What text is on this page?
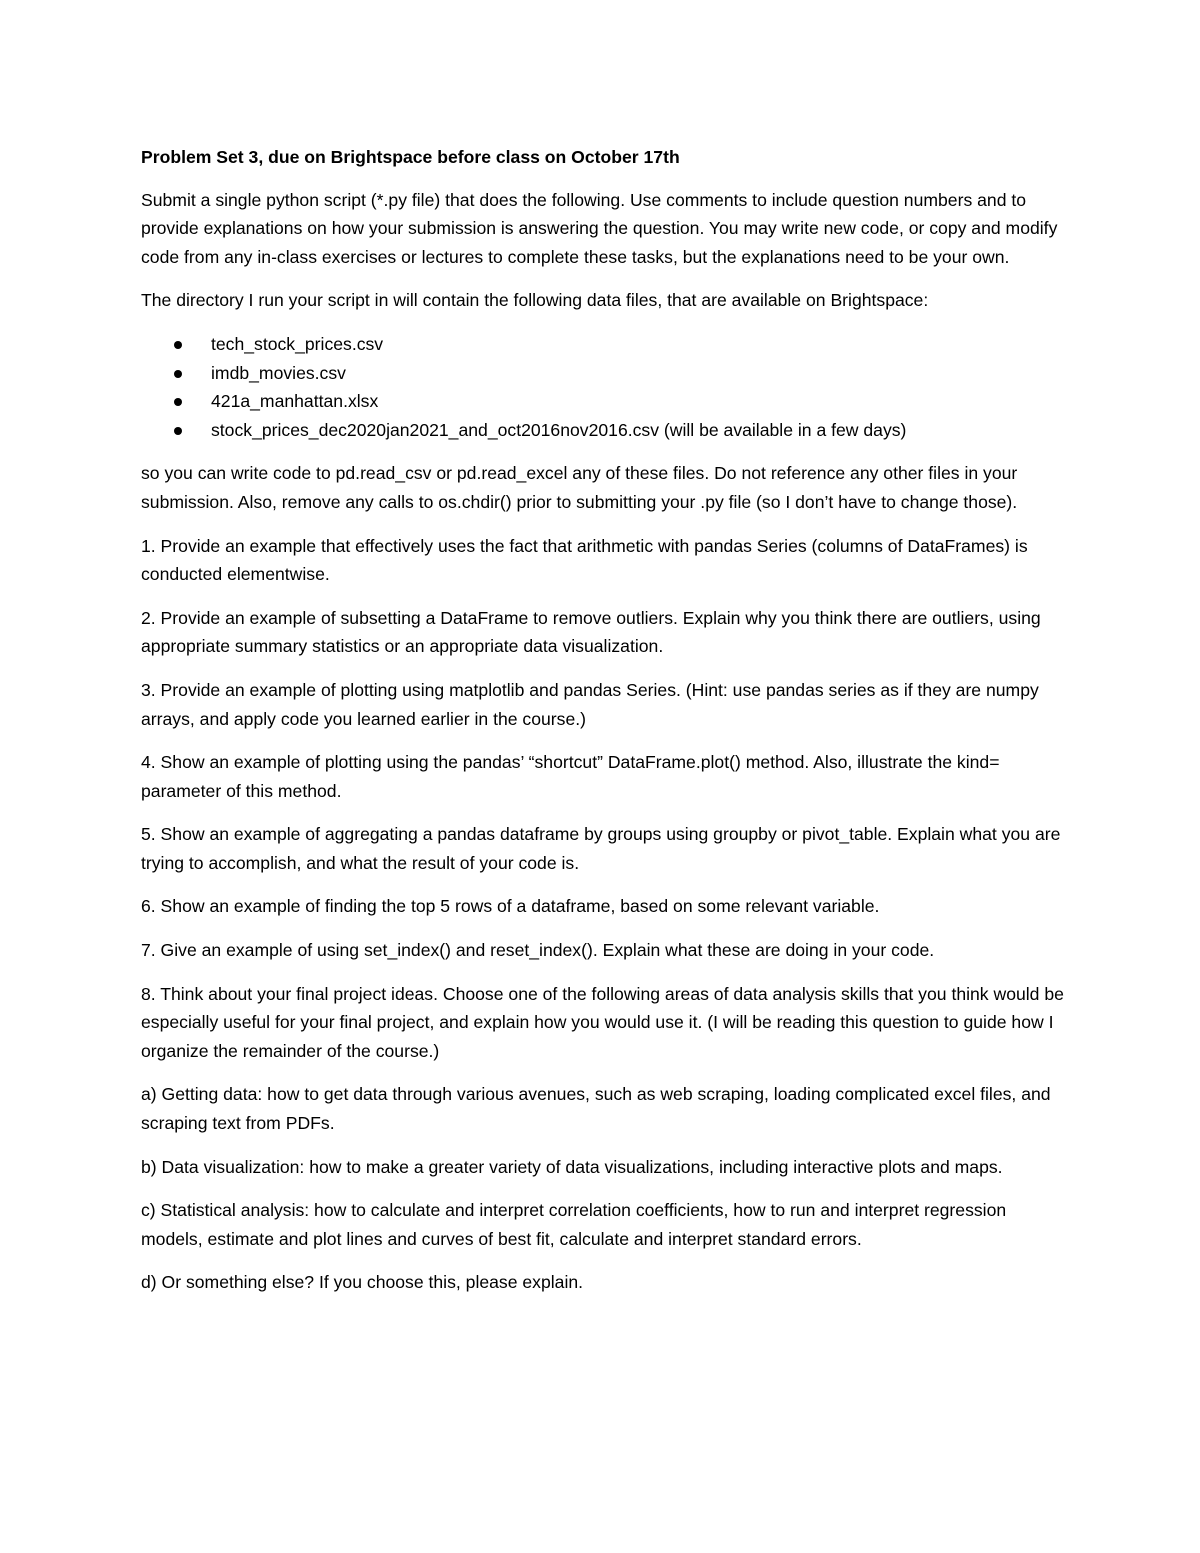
Problem Set 3, due on Brightspace before class on October 17th

Submit a single python script (*.py file) that does the following. Use comments to include question numbers and to provide explanations on how your submission is answering the question. You may write new code, or copy and modify code from any in-class exercises or lectures to complete these tasks, but the explanations need to be your own.

The directory I run your script in will contain the following data files, that are available on Brightspace:

tech_stock_prices.csv
imdb_movies.csv
421a_manhattan.xlsx
stock_prices_dec2020jan2021_and_oct2016nov2016.csv (will be available in a few days)

so you can write code to pd.read_csv or pd.read_excel any of these files. Do not reference any other files in your submission. Also, remove any calls to os.chdir() prior to submitting your .py file (so I don’t have to change those).

1. Provide an example that effectively uses the fact that arithmetic with pandas Series (columns of DataFrames) is conducted elementwise.

2. Provide an example of subsetting a DataFrame to remove outliers. Explain why you think there are outliers, using appropriate summary statistics or an appropriate data visualization.

3. Provide an example of plotting using matplotlib and pandas Series. (Hint: use pandas series as if they are numpy arrays, and apply code you learned earlier in the course.)

4. Show an example of plotting using the pandas’ “shortcut” DataFrame.plot() method. Also, illustrate the kind= parameter of this method.

5. Show an example of aggregating a pandas dataframe by groups using groupby or pivot_table. Explain what you are trying to accomplish, and what the result of your code is.

6. Show an example of finding the top 5 rows of a dataframe, based on some relevant variable.

7. Give an example of using set_index() and reset_index(). Explain what these are doing in your code.

8. Think about your final project ideas. Choose one of the following areas of data analysis skills that you think would be especially useful for your final project, and explain how you would use it. (I will be reading this question to guide how I organize the remainder of the course.)

a) Getting data: how to get data through various avenues, such as web scraping, loading complicated excel files, and scraping text from PDFs.

b) Data visualization: how to make a greater variety of data visualizations, including interactive plots and maps.

c) Statistical analysis: how to calculate and interpret correlation coefficients, how to run and interpret regression models, estimate and plot lines and curves of best fit, calculate and interpret standard errors.

d) Or something else? If you choose this, please explain.
